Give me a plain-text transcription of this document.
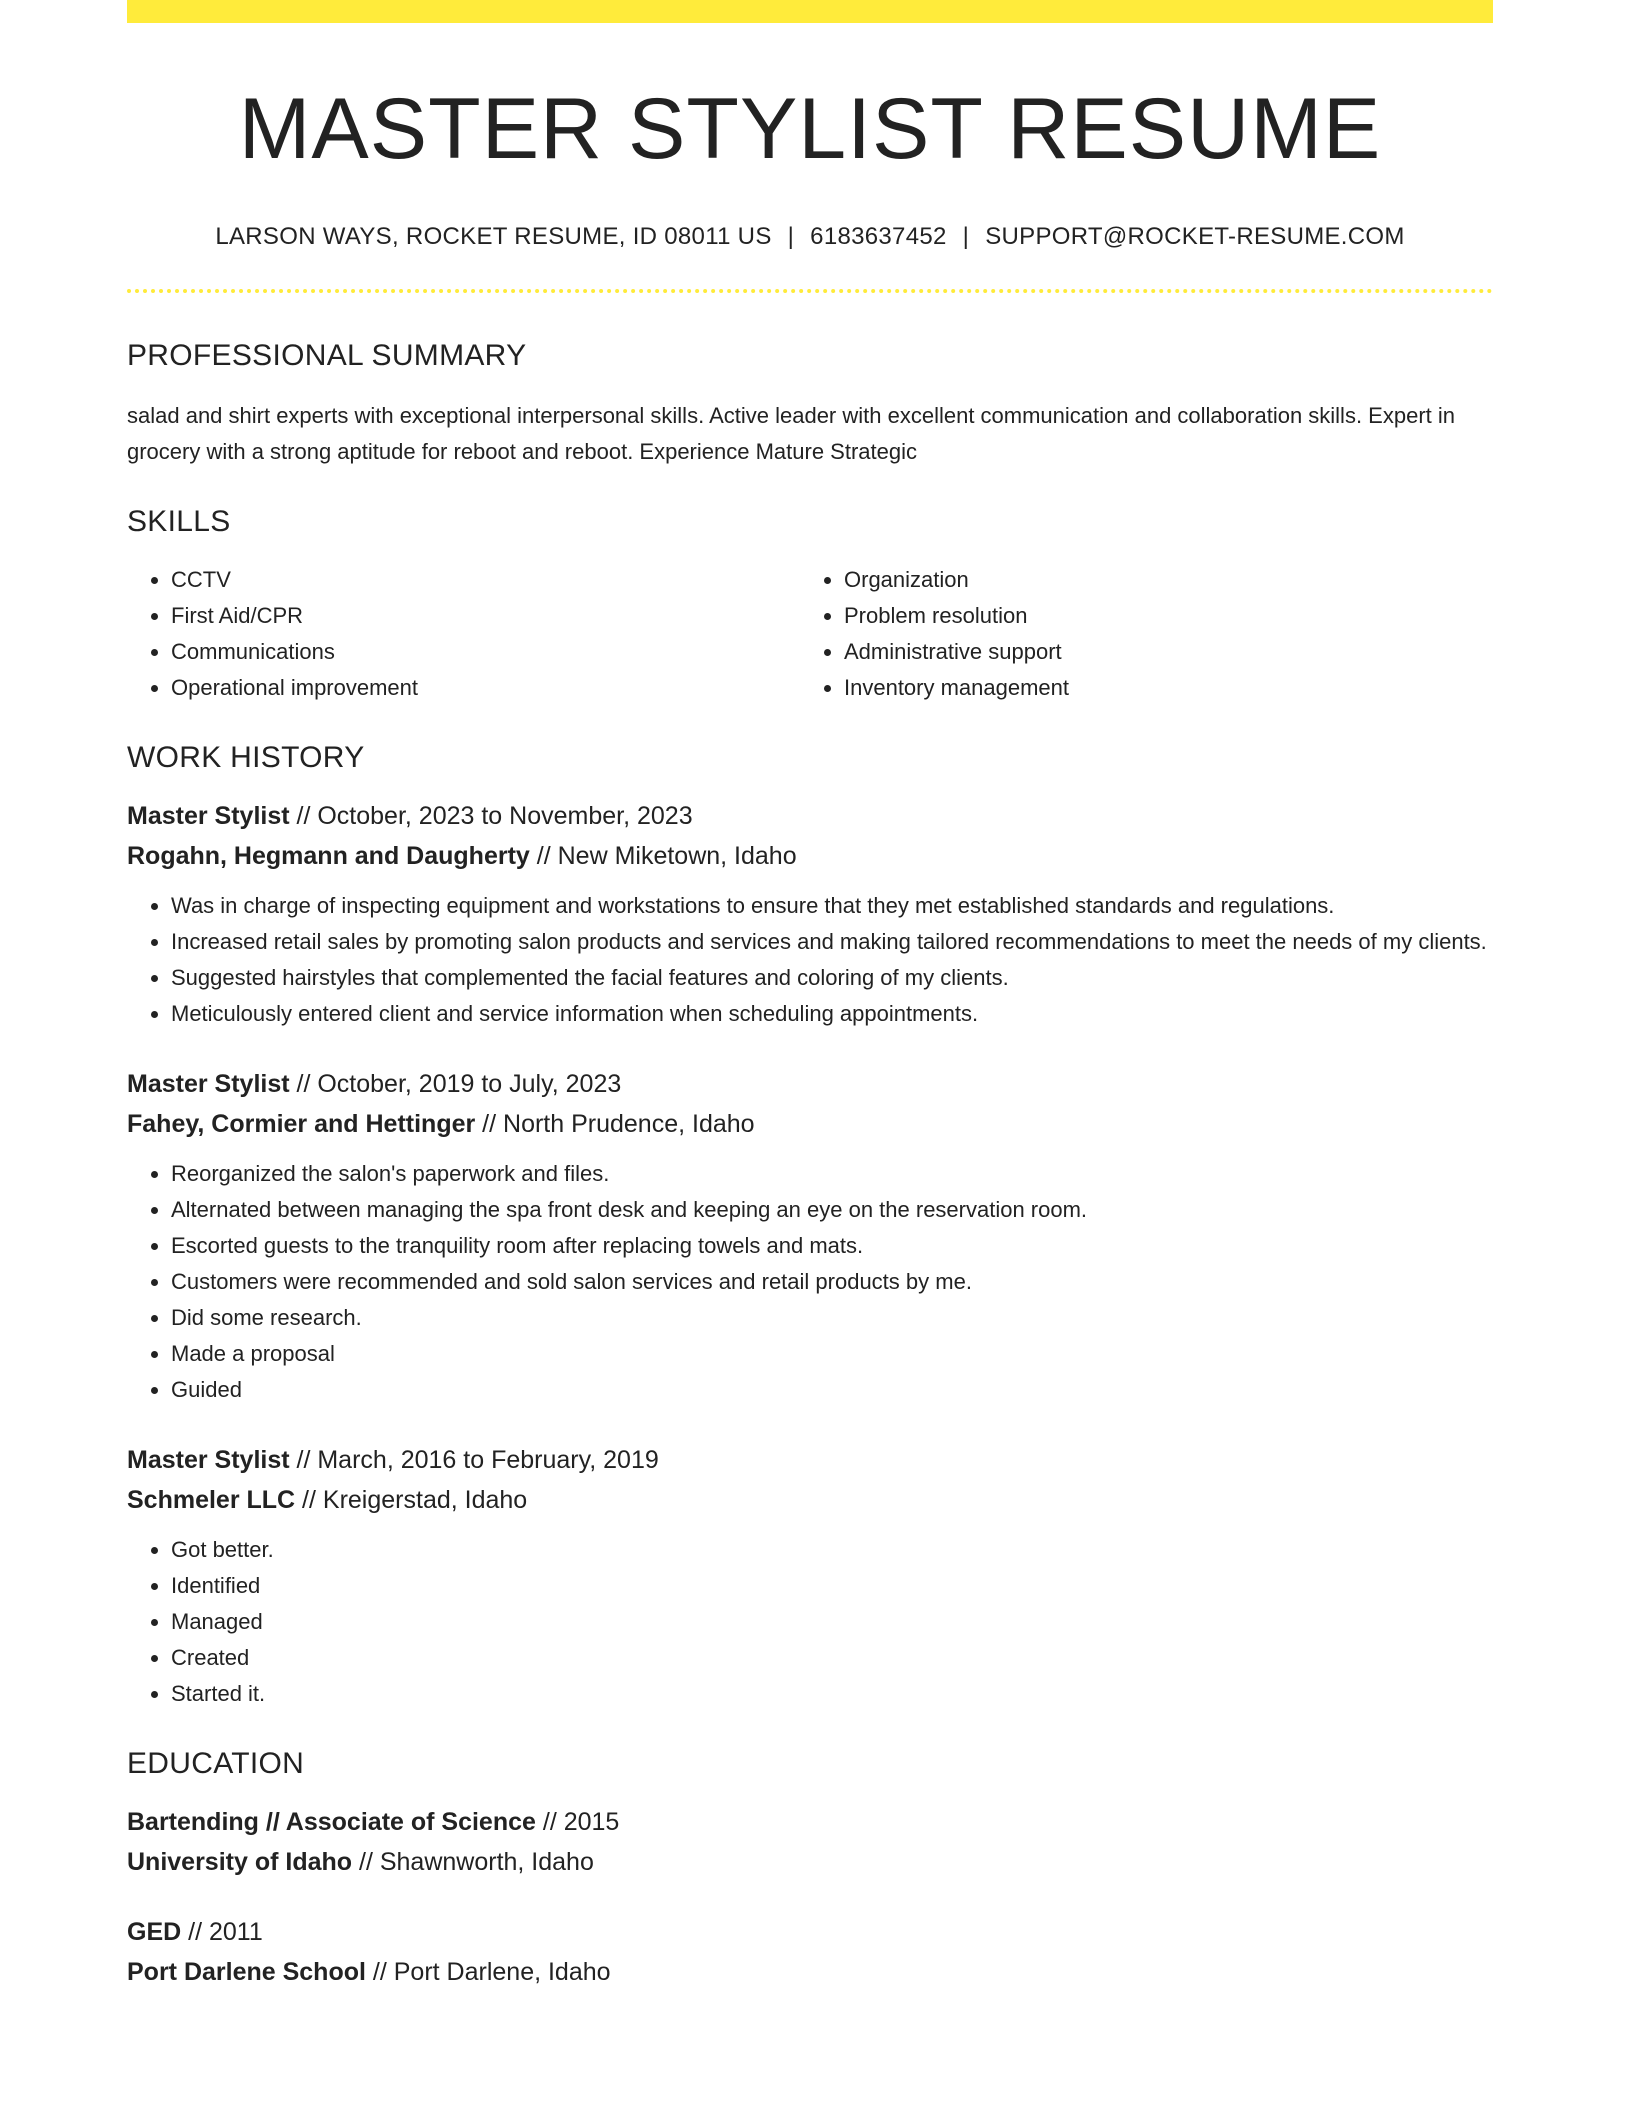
MASTER STYLIST RESUME
LARSON WAYS, ROCKET RESUME, ID 08011 US | 6183637452 | SUPPORT@ROCKET-RESUME.COM
PROFESSIONAL SUMMARY
salad and shirt experts with exceptional interpersonal skills. Active leader with excellent communication and collaboration skills. Expert in grocery with a strong aptitude for reboot and reboot. Experience Mature Strategic
SKILLS
• CCTV
• First Aid/CPR
• Communications
• Operational improvement
• Organization
• Problem resolution
• Administrative support
• Inventory management
WORK HISTORY
Master Stylist // October, 2023 to November, 2023
Rogahn, Hegmann and Daugherty // New Miketown, Idaho
• Was in charge of inspecting equipment and workstations to ensure that they met established standards and regulations.
• Increased retail sales by promoting salon products and services and making tailored recommendations to meet the needs of my clients.
• Suggested hairstyles that complemented the facial features and coloring of my clients.
• Meticulously entered client and service information when scheduling appointments.
Master Stylist // October, 2019 to July, 2023
Fahey, Cormier and Hettinger // North Prudence, Idaho
• Reorganized the salon's paperwork and files.
• Alternated between managing the spa front desk and keeping an eye on the reservation room.
• Escorted guests to the tranquility room after replacing towels and mats.
• Customers were recommended and sold salon services and retail products by me.
• Did some research.
• Made a proposal
• Guided
Master Stylist // March, 2016 to February, 2019
Schmeler LLC // Kreigerstad, Idaho
• Got better.
• Identified
• Managed
• Created
• Started it.
EDUCATION
Bartending // Associate of Science // 2015
University of Idaho // Shawnworth, Idaho
GED // 2011
Port Darlene School // Port Darlene, Idaho
